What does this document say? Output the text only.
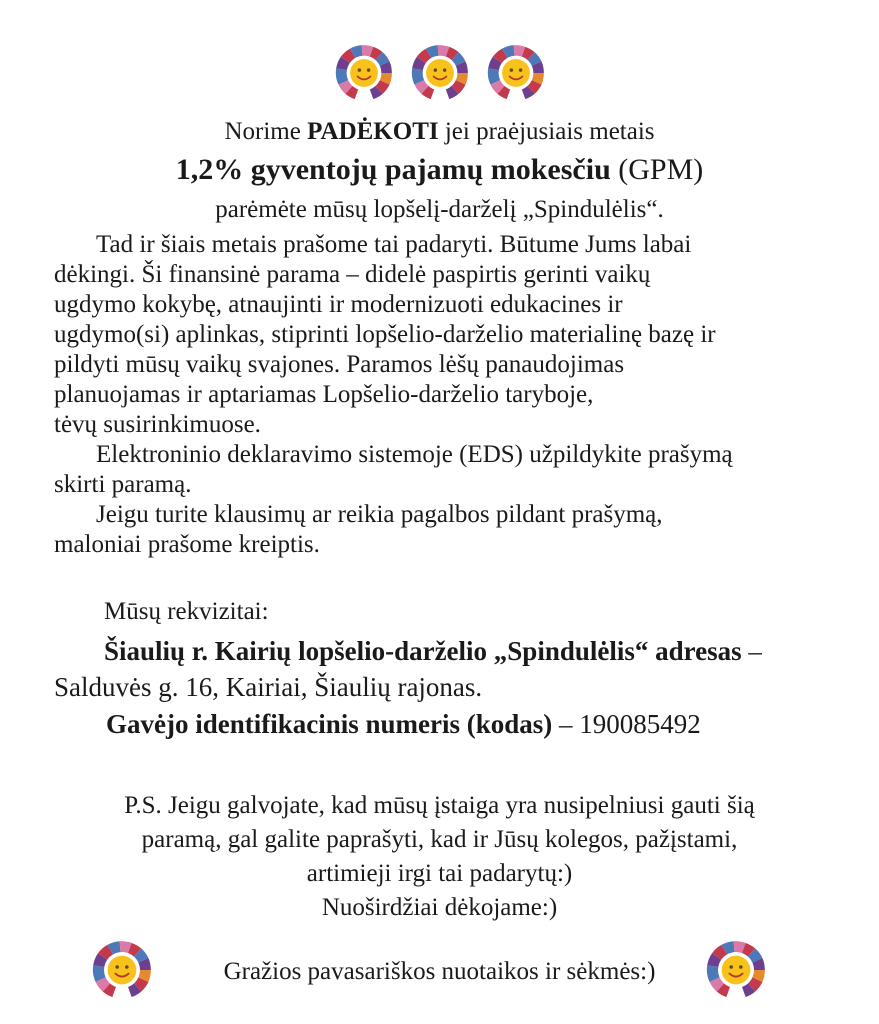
Norime PADĖKOTI jei praėjusiais metais
1,2% gyventojų pajamų mokesčiu (GPM)
parėmėte mūsų lopšelį-darželį „Spindulėlis“.

Tad ir šiais metais prašome tai padaryti. Būtume Jums labai

dėkingi. Ši finansinė parama – didelė paspirtis gerinti vaikų

ugdymo kokybę, atnaujinti ir modernizuoti edukacines ir

ugdymo(si) aplinkas, stiprinti lopšelio-darželio materialinę bazę ir

pildyti mūsų vaikų svajones. Paramos lėšų panaudojimas

planuojamas ir aptariamas Lopšelio-darželio taryboje,

tėvų susirinkimuose.

Elektroninio deklaravimo sistemoje (EDS) užpildykite prašymą

skirti paramą.

Jeigu turite klausimų ar reikia pagalbos pildant prašymą,

maloniai prašome kreiptis.

Mūsų rekvizitai:
Šiaulių r. Kairių lopšelio-darželio „Spindulėlis“ adresas –
Salduvės g. 16, Kairiai, Šiaulių rajonas.
Gavėjo identifikacinis numeris (kodas) – 190085492
P.S. Jeigu galvojate, kad mūsų įstaiga yra nusipelniusi gauti šią
paramą, gal galite paprašyti, kad ir Jūsų kolegos, pažįstami,
artimieji irgi tai padarytų:)
Nuoširdžiai dėkojame:)
Gražios pavasariškos nuotaikos ir sėkmės:)
